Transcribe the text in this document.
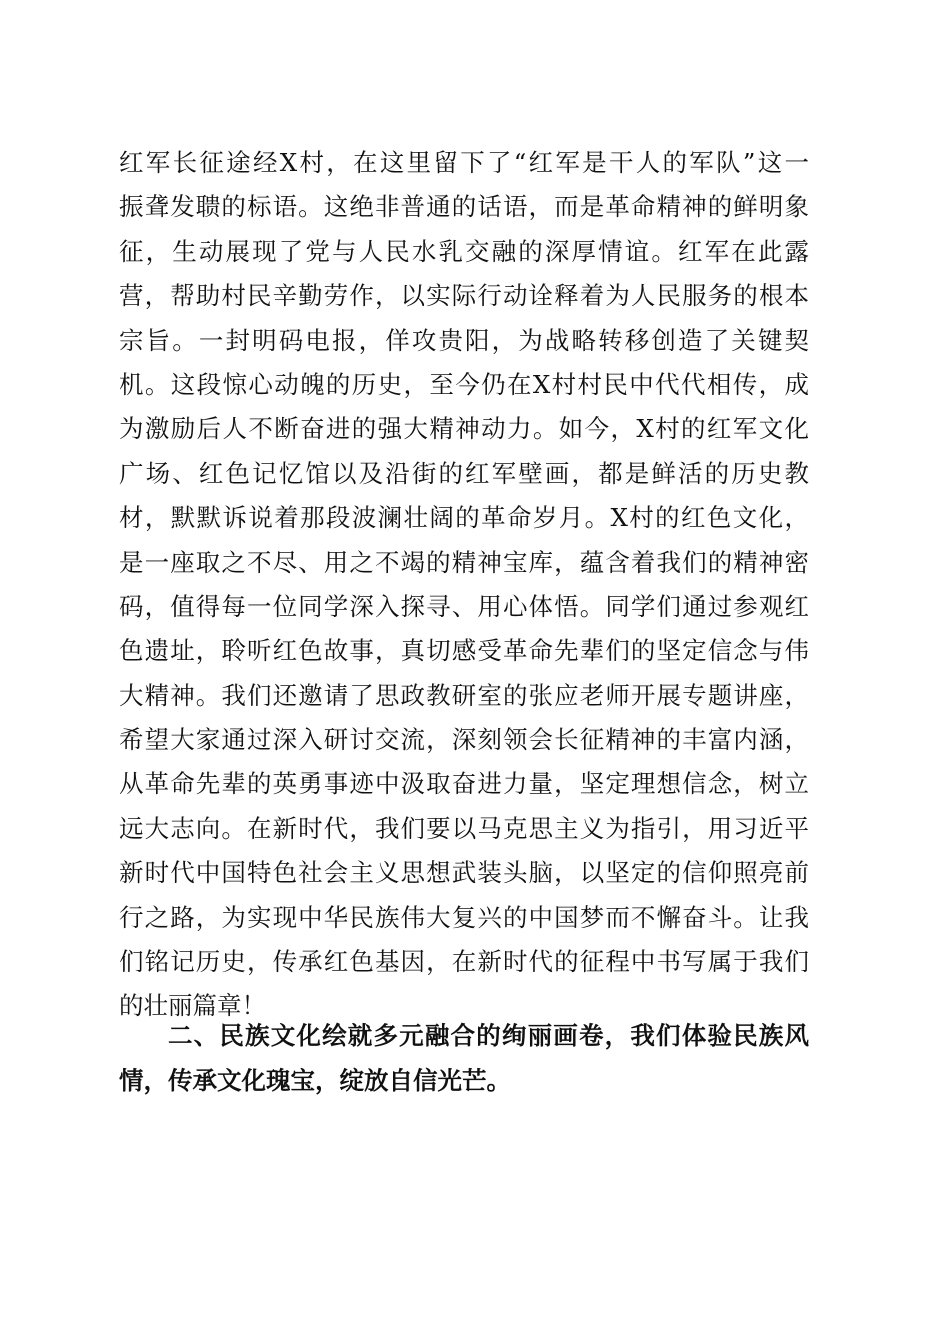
红军长征途经X村，在这里留下了“红军是干人的军队”这一
振聋发聩的标语。这绝非普通的话语，而是革命精神的鲜明象
征，生动展现了党与人民水乳交融的深厚情谊。红军在此露
营，帮助村民辛勤劳作，以实际行动诠释着为人民服务的根本
宗旨。一封明码电报，佯攻贵阳，为战略转移创造了关键契
机。这段惊心动魄的历史，至今仍在X村村民中代代相传，成
为激励后人不断奋进的强大精神动力。如今，X村的红军文化
广场、红色记忆馆以及沿街的红军壁画，都是鲜活的历史教
材，默默诉说着那段波澜壮阔的革命岁月。X村的红色文化，
是一座取之不尽、用之不竭的精神宝库，蕴含着我们的精神密
码，值得每一位同学深入探寻、用心体悟。同学们通过参观红
色遗址，聆听红色故事，真切感受革命先辈们的坚定信念与伟
大精神。我们还邀请了思政教研室的张应老师开展专题讲座，
希望大家通过深入研讨交流，深刻领会长征精神的丰富内涵，
从革命先辈的英勇事迹中汲取奋进力量，坚定理想信念，树立
远大志向。在新时代，我们要以马克思主义为指引，用习近平
新时代中国特色社会主义思想武装头脑，以坚定的信仰照亮前
行之路，为实现中华民族伟大复兴的中国梦而不懈奋斗。让我
们铭记历史，传承红色基因，在新时代的征程中书写属于我们
的壮丽篇章！
二、民族文化绘就多元融合的绚丽画卷，我们体验民族风
情，传承文化瑰宝，绽放自信光芒。
